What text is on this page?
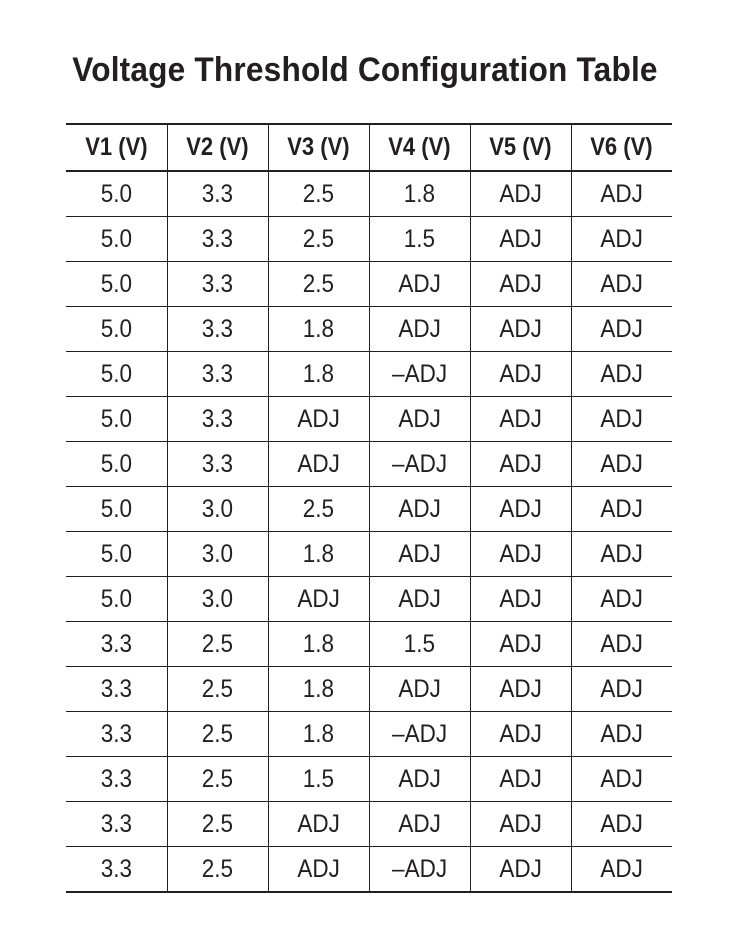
Voltage Threshold Configuration Table
V1 (V)	V2 (V)	V3 (V)	V4 (V)	V5 (V)	V6 (V)
5.0	3.3	2.5	1.8	ADJ	ADJ
5.0	3.3	2.5	1.5	ADJ	ADJ
5.0	3.3	2.5	ADJ	ADJ	ADJ
5.0	3.3	1.8	ADJ	ADJ	ADJ
5.0	3.3	1.8	–ADJ	ADJ	ADJ
5.0	3.3	ADJ	ADJ	ADJ	ADJ
5.0	3.3	ADJ	–ADJ	ADJ	ADJ
5.0	3.0	2.5	ADJ	ADJ	ADJ
5.0	3.0	1.8	ADJ	ADJ	ADJ
5.0	3.0	ADJ	ADJ	ADJ	ADJ
3.3	2.5	1.8	1.5	ADJ	ADJ
3.3	2.5	1.8	ADJ	ADJ	ADJ
3.3	2.5	1.8	–ADJ	ADJ	ADJ
3.3	2.5	1.5	ADJ	ADJ	ADJ
3.3	2.5	ADJ	ADJ	ADJ	ADJ
3.3	2.5	ADJ	–ADJ	ADJ	ADJ
